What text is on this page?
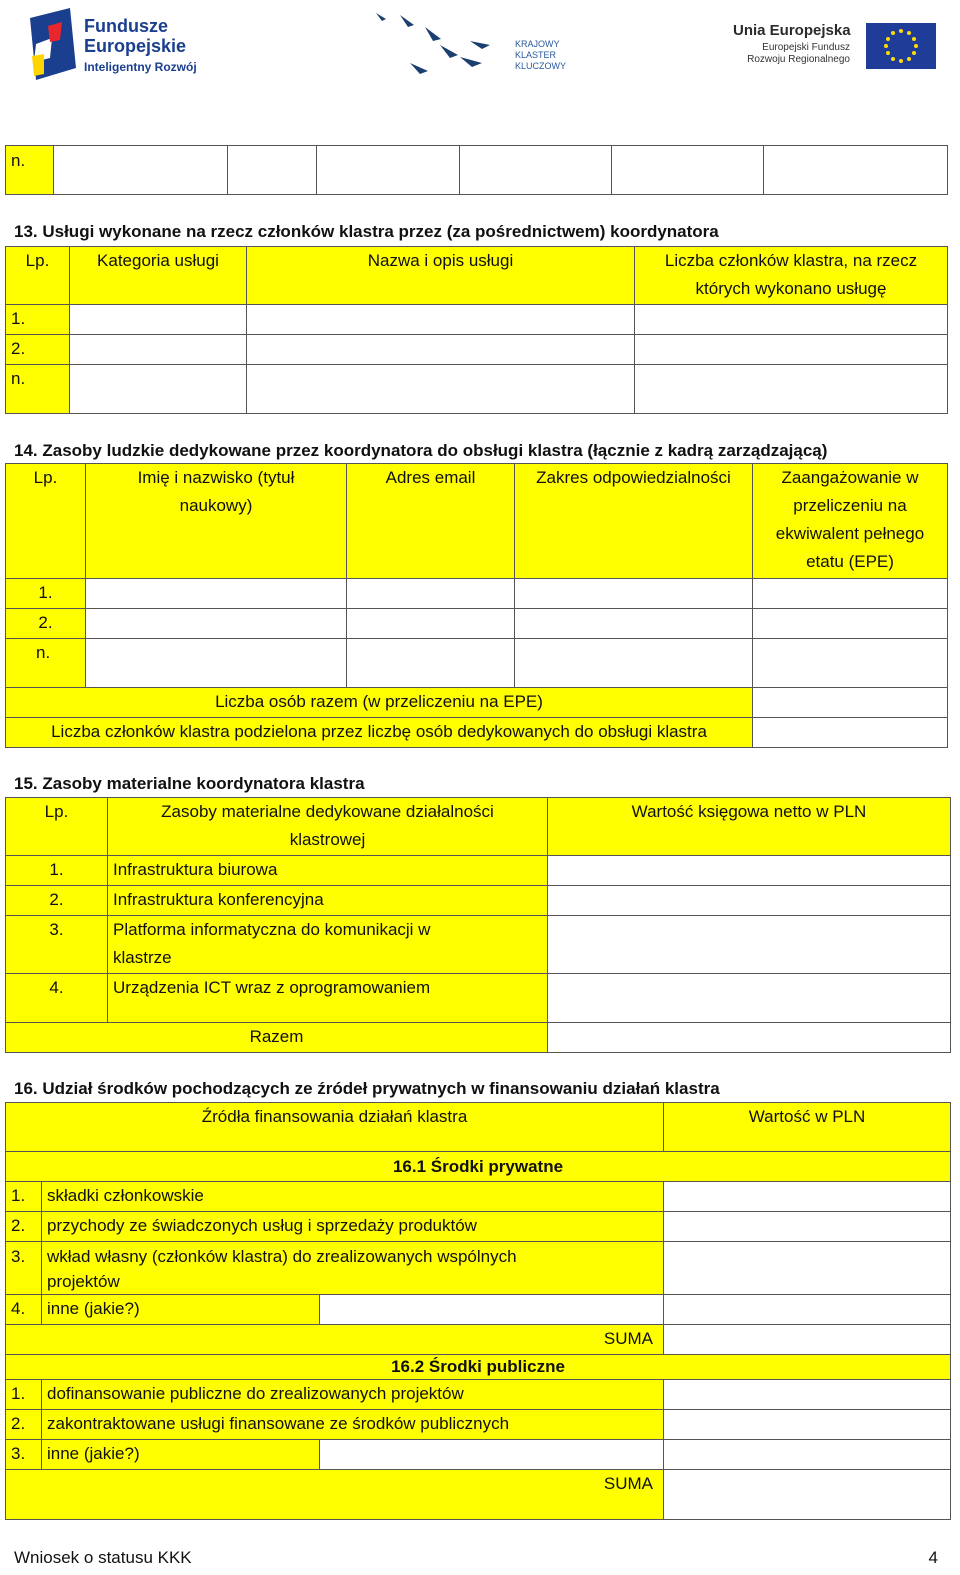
Fundusze Europejskie
Inteligentny Rozwój
KRAJOWY KLASTER KLUCZOWY
Unia Europejska
Europejski Fundusz Rozwoju Regionalnego
n.						
13. Usługi wykonane na rzecz członków klastra przez (za pośrednictwem) koordynatora
Lp.	Kategoria usługi	Nazwa i opis usługi	Liczba członków klastra, na rzecz których wykonano usługę
1.			
2.			
n.			
14. Zasoby ludzkie dedykowane przez koordynatora do obsługi klastra (łącznie z kadrą zarządzającą)
Lp.	Imię i nazwisko (tytuł naukowy)	Adres email	Zakres odpowiedzialności	Zaangażowanie w przeliczeniu na ekwiwalent pełnego etatu (EPE)
1.				
2.				
n.				
Liczba osób razem (w przeliczeniu na EPE)				
Liczba członków klastra podzielona przez liczbę osób dedykowanych do obsługi klastra				
15. Zasoby materialne koordynatora klastra
Lp.	Zasoby materialne dedykowane działalności klastrowej	Wartość księgowa netto w PLN
1.	Infrastruktura biurowa	
2.	Infrastruktura konferencyjna	
3.	Platforma informatyczna do komunikacji w klastrze	
4.	Urządzenia ICT wraz z oprogramowaniem	
Razem		
16. Udział środków pochodzących ze źródeł prywatnych w finansowaniu działań klastra
Źródła finansowania działań klastra			Wartość w PLN
16.1 Środki prywatne			
1.	składki członkowskie		
2.	przychody ze świadczonych usług i sprzedaży produktów		
3.	wkład własny (członków klastra) do zrealizowanych wspólnych projektów		
4.	inne (jakie?)		
SUMA			
16.2 Środki publiczne			
1.	dofinansowanie publiczne do zrealizowanych projektów		
2.	zakontraktowane usługi finansowane ze środków publicznych		
3.	inne (jakie?)		
SUMA			
Wniosek o statusu KKK	4
